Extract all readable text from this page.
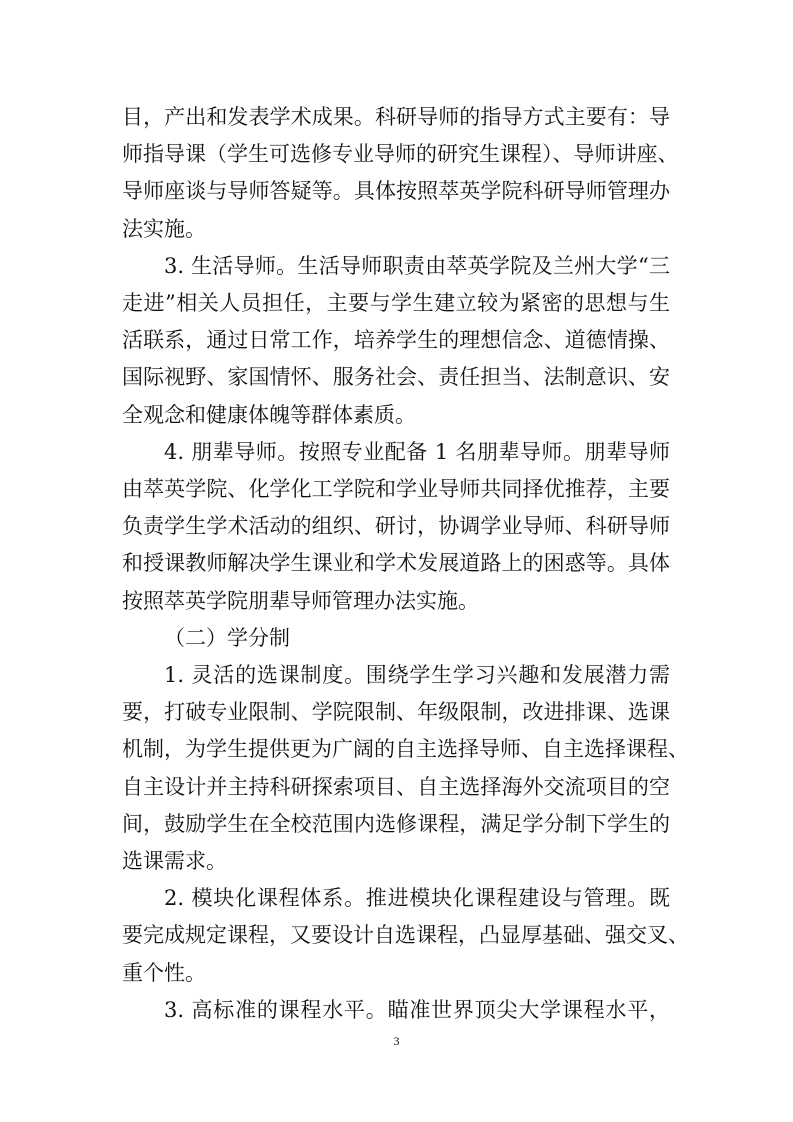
目，产出和发表学术成果。科研导师的指导方式主要有：导
师指导课（学生可选修专业导师的研究生课程）、导师讲座、
导师座谈与导师答疑等。具体按照萃英学院科研导师管理办
法实施。
3. 生活导师。生活导师职责由萃英学院及兰州大学“三
走进”相关人员担任，主要与学生建立较为紧密的思想与生
活联系，通过日常工作，培养学生的理想信念、道德情操、
国际视野、家国情怀、服务社会、责任担当、法制意识、安
全观念和健康体魄等群体素质。
4. 朋辈导师。按照专业配备 1 名朋辈导师。朋辈导师
由萃英学院、化学化工学院和学业导师共同择优推荐，主要
负责学生学术活动的组织、研讨，协调学业导师、科研导师
和授课教师解决学生课业和学术发展道路上的困惑等。具体
按照萃英学院朋辈导师管理办法实施。
（二）学分制
1. 灵活的选课制度。围绕学生学习兴趣和发展潜力需
要，打破专业限制、学院限制、年级限制，改进排课、选课
机制，为学生提供更为广阔的自主选择导师、自主选择课程、
自主设计并主持科研探索项目、自主选择海外交流项目的空
间，鼓励学生在全校范围内选修课程，满足学分制下学生的
选课需求。
2. 模块化课程体系。推进模块化课程建设与管理。既
要完成规定课程，又要设计自选课程，凸显厚基础、强交叉、
重个性。
3. 高标准的课程水平。瞄准世界顶尖大学课程水平，
3
